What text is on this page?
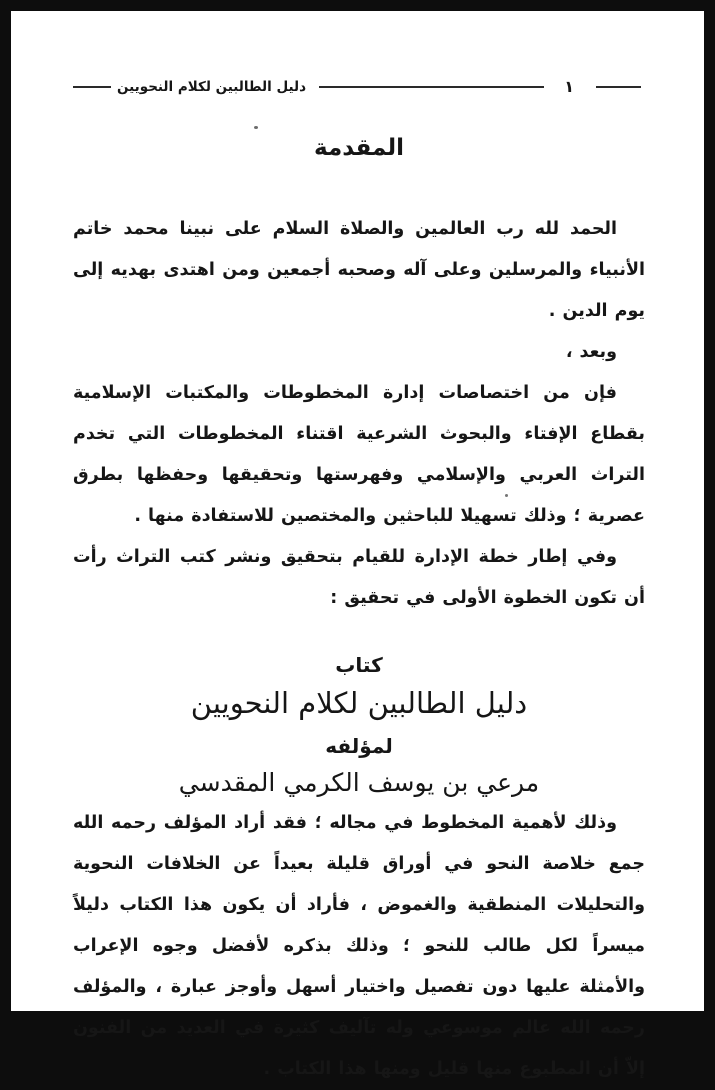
١
دليل الطالبين لكلام النحويين
المقدمة

الحمد لله رب العالمين والصلاة السلام على نبينا محمد خاتم الأنبياء والمرسلين وعلى آله وصحبه أجمعين ومن اهتدى بهديه إلى يوم الدين .

وبعد ،

فإن من اختصاصات إدارة المخطوطات والمكتبات الإسلامية بقطاع الإفتاء والبحوث الشرعية اقتناء المخطوطات التي تخدم التراث العربي والإسلامي وفهرستها وتحقيقها وحفظها بطرق عصرية ؛ وذلك تسهيلا للباحثين والمختصين للاستفادة منها .

وفي إطار خطة الإدارة للقيام بتحقيق ونشر كتب التراث رأت أن تكون الخطوة الأولى في تحقيق :

كتاب
دليل الطالبين لكلام النحويين
لمؤلفه
مرعي بن يوسف الكرمي المقدسي

وذلك لأهمية المخطوط في مجاله ؛ فقد أراد المؤلف رحمه الله جمع خلاصة النحو في أوراق قليلة بعيداً عن الخلافات النحوية والتحليلات المنطقية والغموض ، فأراد أن يكون هذا الكتاب دليلاً ميسراً لكل طالب للنحو ؛ وذلك بذكره لأفضل وجوه الإعراب والأمثلة عليها دون تفصيل واختيار أسهل وأوجز عبارة ، والمؤلف رحمه الله عالم موسوعي وله تآليف كثيرة في العديد من الفنون إلاّ أن المطبوع منها قليل ومنها هذا الكتاب .
